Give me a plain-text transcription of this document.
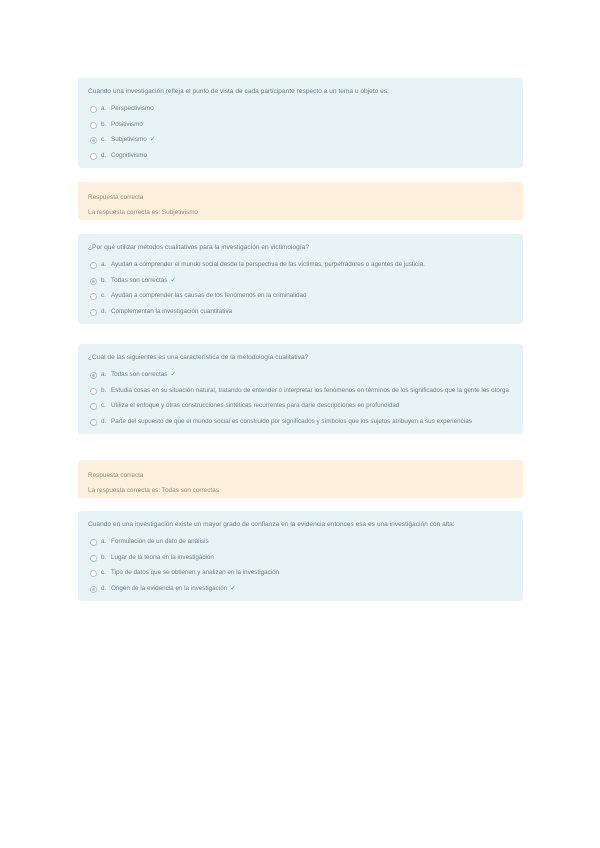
Cuando una investigación refleja el punto de vista de cada participante respecto a un tema u objeto es:
a. Perspectivismo
b. Positivismo
c. Subjetivismo ✓
d. Cognitivismo
Respuesta correcta
La respuesta correcta es: Subjetivismo
¿Por qué utilizar métodos cualitativos para la investigación en victimología?
a. Ayudan a comprender el mundo social desde la perspectiva de las víctimas, perpetradores o agentes de justicia.
b. Todas son correctas ✓
c. Ayudan a comprender las causas de los fenómenos en la criminalidad
d. Complementan la investigación cuantitativa
¿Cuál de las siguientes es una característica de la metodología cualitativa?
a. Todas son correctas ✓
b. Estudia cosas en su situación natural, tratando de entender o interpretar los fenómenos en términos de los significados que la gente les otorga
c. Utiliza el enfoque y otras construcciones sintéticas recurrentes para darle descripciones en profundidad
d. Parte del supuesto de que el mundo social es construido por significados y símbolos que los sujetos atribuyen a sus experiencias
Respuesta correcta
La respuesta correcta es: Todas son correctas
Cuando en una investigación existe un mayor grado de confianza en la evidencia entonces esa es una investigación con alta:
a. Formulación de un dato de análisis
b. Lugar de la teoría en la investigación
c. Tipo de datos que se obtienen y analizan en la investigación
d. Origen de la evidencia en la investigación ✓
